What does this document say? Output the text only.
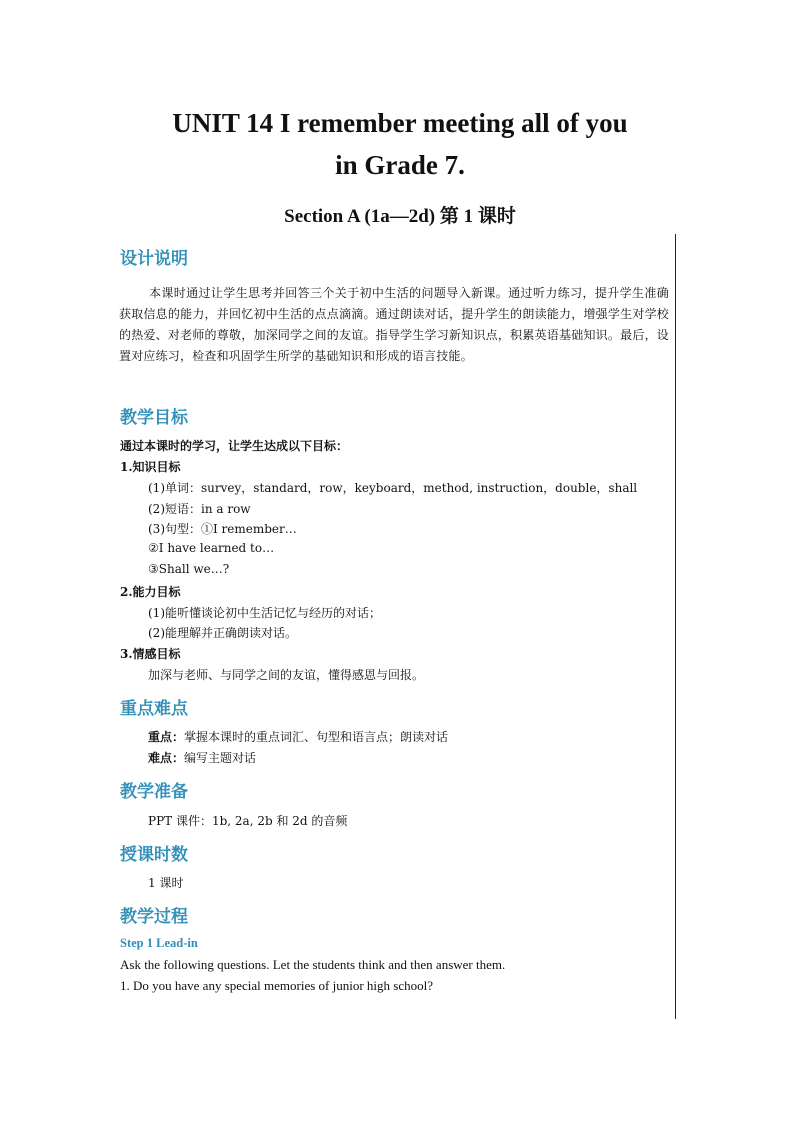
UNIT 14 I remember meeting all of you
in Grade 7.
Section A (1a—2d) 第 1 课时
设计说明
本课时通过让学生思考并回答三个关于初中生活的问题导入新课。通过听力练习，提升学生准确获取信息的能力，并回忆初中生活的点点滴滴。通过朗读对话，提升学生的朗读能力，增强学生对学校的热爱、对老师的尊敬，加深同学之间的友谊。指导学生学习新知识点，积累英语基础知识。最后，设置对应练习，检查和巩固学生所学的基础知识和形成的语言技能。
教学目标
通过本课时的学习，让学生达成以下目标：
1.知识目标
(1)单词：survey，standard，row，keyboard，method, instruction，double，shall
(2)短语：in a row
(3)句型：①I remember…
②I have learned to…
③Shall we…?
2.能力目标
(1)能听懂谈论初中生活记忆与经历的对话；
(2)能理解并正确朗读对话。
3.情感目标
加深与老师、与同学之间的友谊，懂得感恩与回报。
重点难点
重点：掌握本课时的重点词汇、句型和语言点；朗读对话
难点：编写主题对话
教学准备
PPT 课件：1b, 2a, 2b 和 2d 的音频
授课时数
1 课时
教学过程
Step 1 Lead-in
Ask the following questions. Let the students think and then answer them.
1. Do you have any special memories of junior high school?
